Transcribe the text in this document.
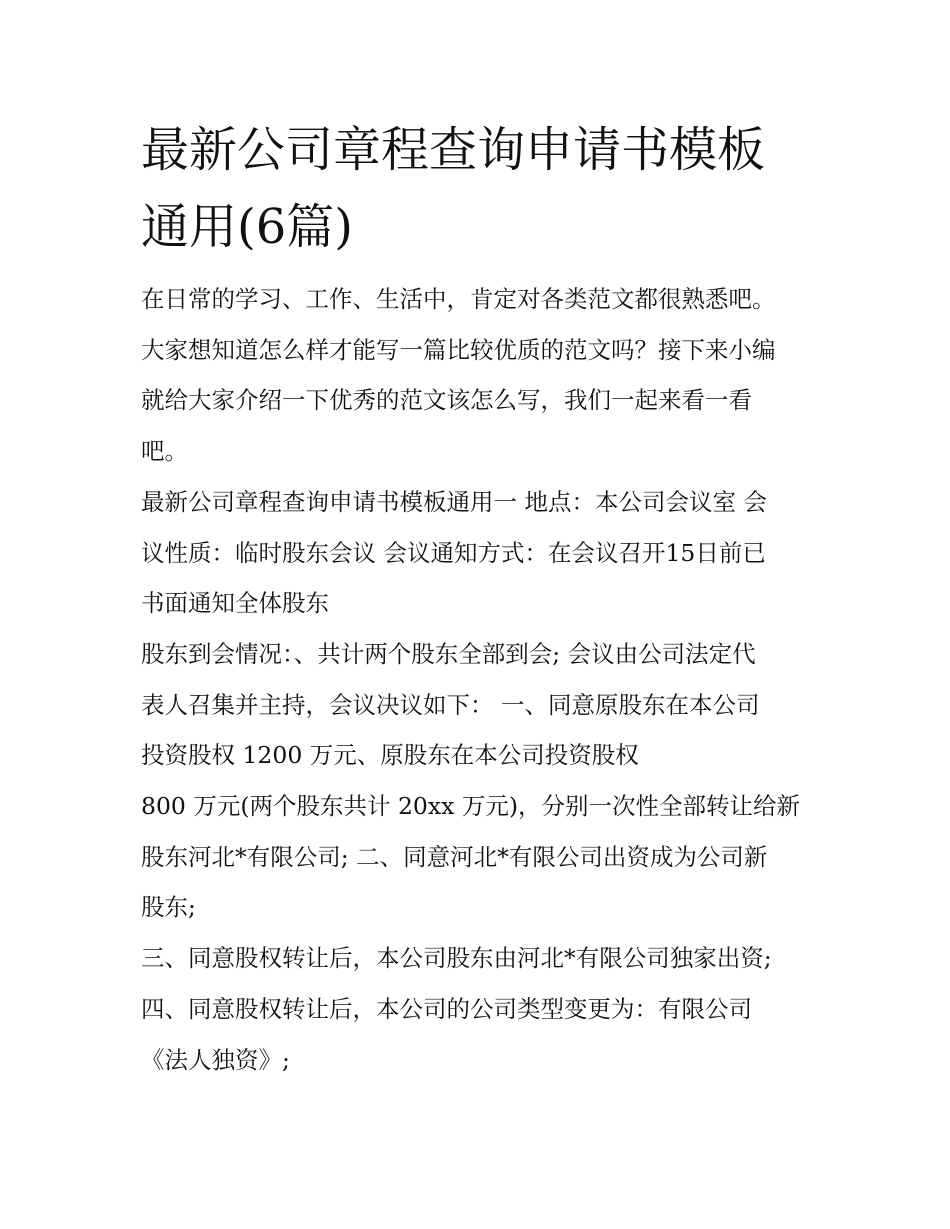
最新公司章程查询申请书模板
通用(6篇)

在日常的学习、工作、生活中，肯定对各类范文都很熟悉吧。
大家想知道怎么样才能写一篇比较优质的范文吗？接下来小编
就给大家介绍一下优秀的范文该怎么写，我们一起来看一看
吧。

最新公司章程查询申请书模板通用一 地点：本公司会议室 会
议性质：临时股东会议 会议通知方式：在会议召开15日前已
书面通知全体股东

股东到会情况：、共计两个股东全部到会; 会议由公司法定代
表人召集并主持，会议决议如下： 一、同意原股东在本公司
投资股权 1200 万元、原股东在本公司投资股权

800 万元(两个股东共计 20xx 万元)，分别一次性全部转让给新
股东河北*有限公司; 二、同意河北*有限公司出资成为公司新
股东;

三、同意股权转让后，本公司股东由河北*有限公司独家出资;

四、同意股权转让后，本公司的公司类型变更为：有限公司
《法人独资》;
